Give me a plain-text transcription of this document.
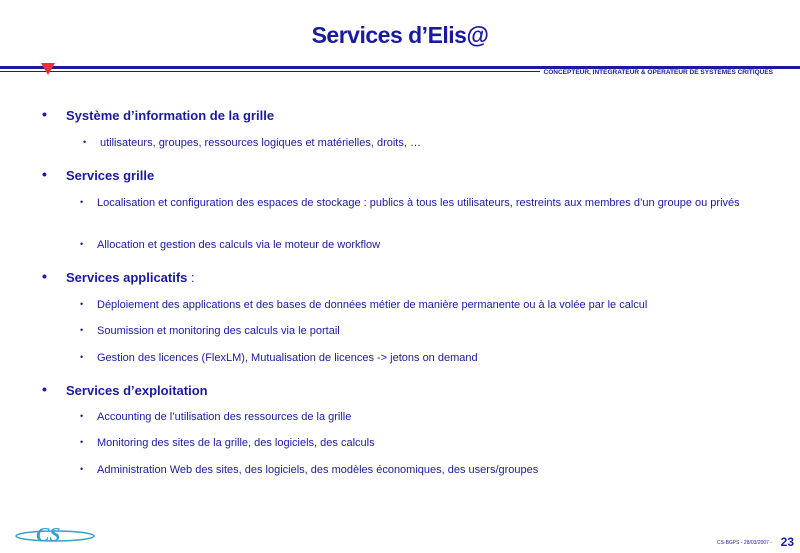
Services d’Elis@
CONCEPTEUR, INTEGRATEUR & OPERATEUR DE SYSTEMES CRITIQUES
• Système d’information de la grille
• utilisateurs, groupes, ressources logiques et matérielles, droits, …
• Services grille
• Localisation et configuration des espaces de stockage : publics à tous les utilisateurs, restreints aux membres d’un groupe ou privés
• Allocation et gestion des calculs via le moteur de workflow
• Services applicatifs :
• Déploiement des applications et des bases de données métier de manière permanente ou à la volée par le calcul
• Soumission et monitoring des calculs via le portail
• Gestion des licences (FlexLM), Mutualisation de licences -> jetons on demand
• Services d’exploitation
• Accounting de l’utilisation des ressources de la grille
• Monitoring des sites de la grille, des logiciels, des calculs
• Administration Web des sites, des logiciels, des modèles économiques, des users/groupes
CS	CS-BGPS - 28/03/2007 - 23
